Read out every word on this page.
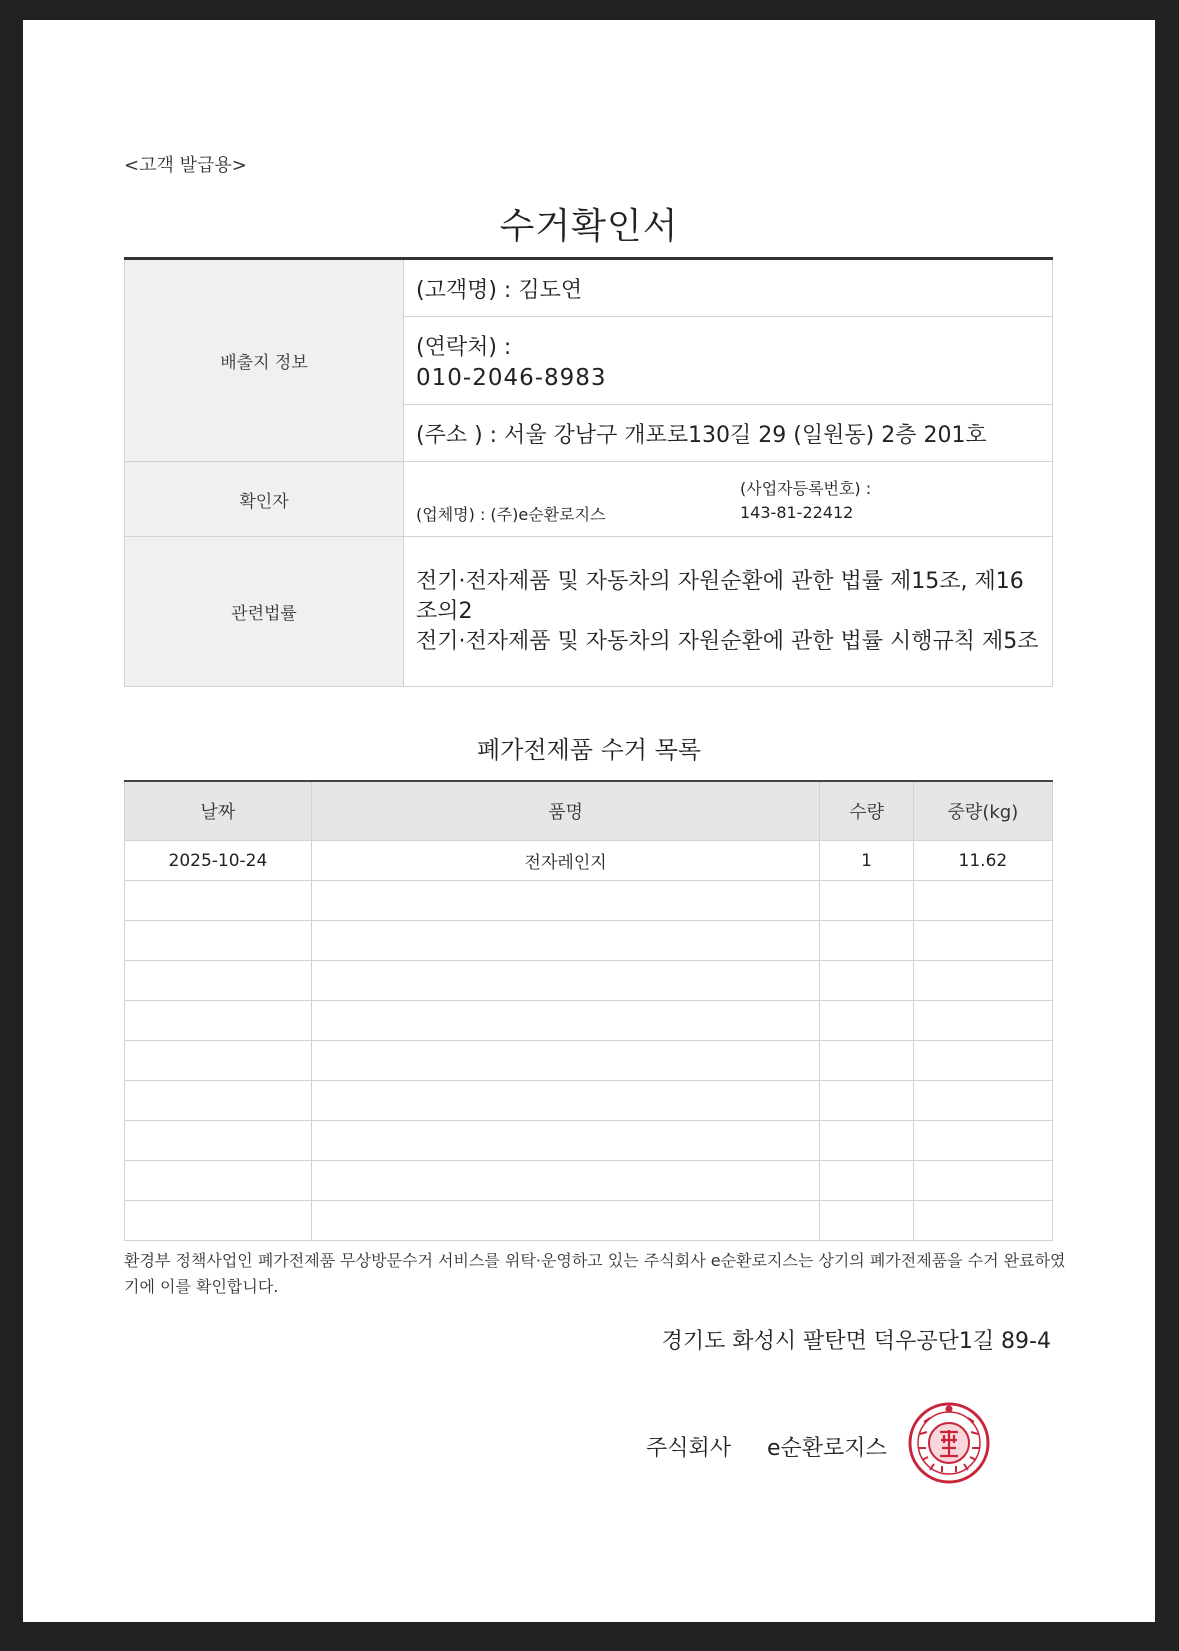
<고객 발급용>
수거확인서
배출지 정보	(고객명) : 김도연
	(연락처) :
010-2046-8983

	(주소 ) : 서울 강남구 개포로130길 29 (일원동) 2층 201호
확인자	(업체명) : (주)e순환로지스
(사업자등록번호) :
143-81-22412

관련법률	전기·전자제품 및 자동차의 자원순환에 관한 법률 제15조, 제16조의2
전기·전자제품 및 자동차의 자원순환에 관한 법률 시행규칙 제5조
폐가전제품 수거 목록
날짜	품명	수량	중량(kg)
2025-10-24	전자레인지	1	11.62

환경부 정책사업인 폐가전제품 무상방문수거 서비스를 위탁·운영하고 있는 주식회사 e순환로지스는 상기의 폐가전제품을 수거 완료하였기에 이를 확인합니다.
경기도 화성시 팔탄면 덕우공단1길 89-4
주식회사 e순환로지스
